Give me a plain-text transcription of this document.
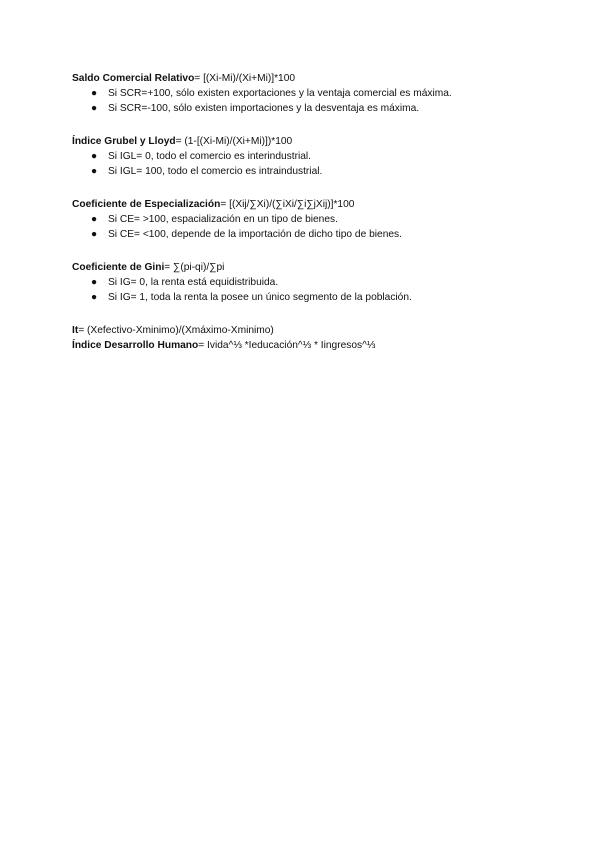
Saldo Comercial Relativo= [(Xi-Mi)/(Xi+Mi)]*100
● Si SCR=+100, sólo existen exportaciones y la ventaja comercial es máxima.
● Si SCR=-100, sólo existen importaciones y la desventaja es máxima.
Índice Grubel y Lloyd= (1-[(Xi-Mi)/(Xi+Mi)])*100
● Si IGL= 0, todo el comercio es interindustrial.
● Si IGL= 100, todo el comercio es intraindustrial.
Coeficiente de Especialización= [(Xij/∑Xi)/(∑iXi/∑i∑jXij)]*100
● Si CE= >100, espacialización en un tipo de bienes.
● Si CE= <100, depende de la importación de dicho tipo de bienes.
Coeficiente de Gini= ∑(pi-qi)/∑pi
● Si IG= 0, la renta está equidistribuida.
● Si IG= 1, toda la renta la posee un único segmento de la población.
It= (Xefectivo-Xminimo)/(Xmáximo-Xminimo)
Índice Desarrollo Humano= Ivida^⅓ *Ieducación^⅓ * Iingresos^⅓
